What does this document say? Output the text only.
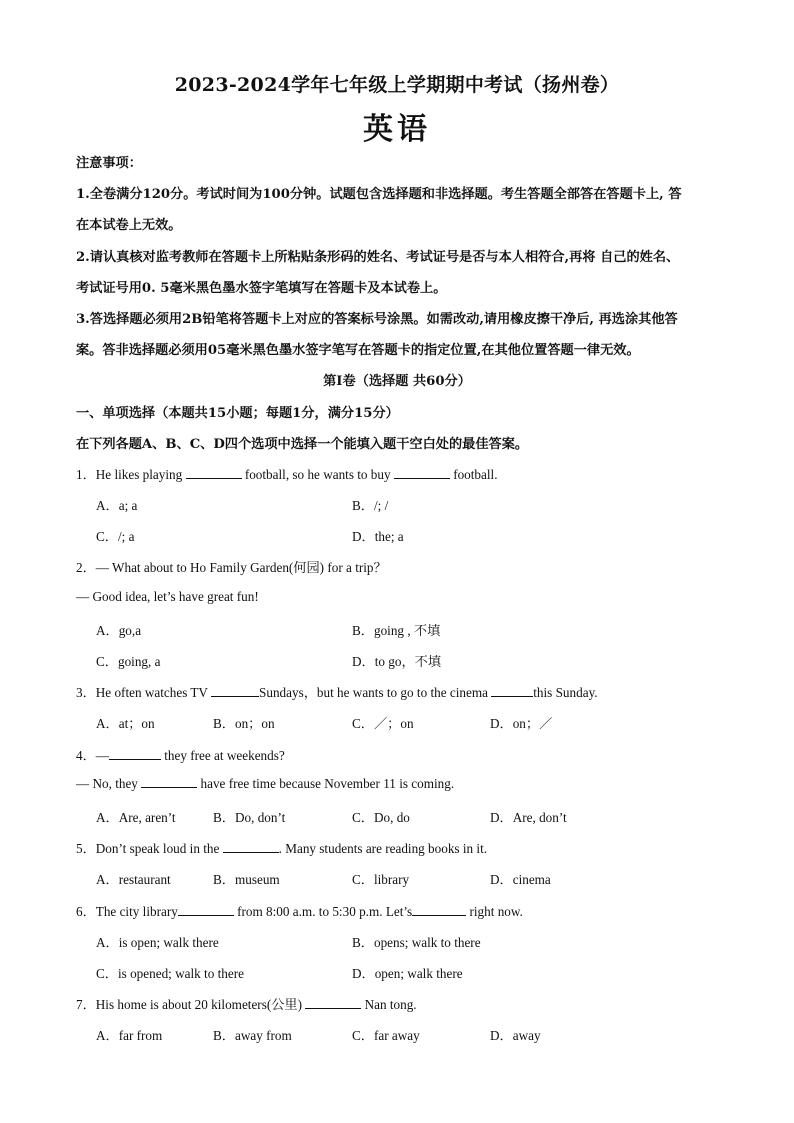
2023-2024学年七年级上学期期中考试（扬州卷）
英语
注意事项：
1.全卷满分120分。考试时间为100分钟。试题包含选择题和非选择题。考生答题全部答在答题卡上, 答
在本试卷上无效。
2.请认真核对监考教师在答题卡上所粘贴条形码的姓名、考试证号是否与本人相符合,再将 自己的姓名、
考试证号用0. 5毫米黑色墨水签字笔填写在答题卡及本试卷上。
3.答选择题必须用2B铅笔将答题卡上对应的答案标号涂黑。如需改动,请用橡皮擦干净后, 再选涂其他答
案。答非选择题必须用05毫米黑色墨水签字笔写在答题卡的指定位置,在其他位置答题一律无效。
第I卷（选择题 共60分）
一、单项选择（本题共15小题；每题1分，满分15分）
在下列各题A、B、C、D四个选项中选择一个能填入题干空白处的最佳答案。
1．He likes playing	football, so he wants to buy	football.
A．a; a	B．/; /
C．/; a	D．the; a
2．— What about to Ho Family Garden(何园) for a trip？
— Good idea, let’s have great fun!
A．go,a	B．going , 不填
C．going, a	D．to go，不填
3．He often watches TV	Sundays，but he wants to go to the cinema	this Sunday.
A．at；on	B．on；on	C．／；on	D．on；／
4．—	they free at weekends?
— No, they	have free time because November 11 is coming.
A．Are, aren’t	B．Do, don’t	C．Do, do	D．Are, don’t
5．Don’t speak loud in the	. Many students are reading books in it.
A．restaurant	B．museum	C．library	D．cinema
6．The city library	from 8:00 a.m. to 5:30 p.m. Let’s	right now.
A．is open; walk there	B．opens; walk to there
C．is opened; walk to there	D．open; walk there
7．His home is about 20 kilometers(公里)	Nan tong.
A．far from	B．away from	C．far away	D．away
